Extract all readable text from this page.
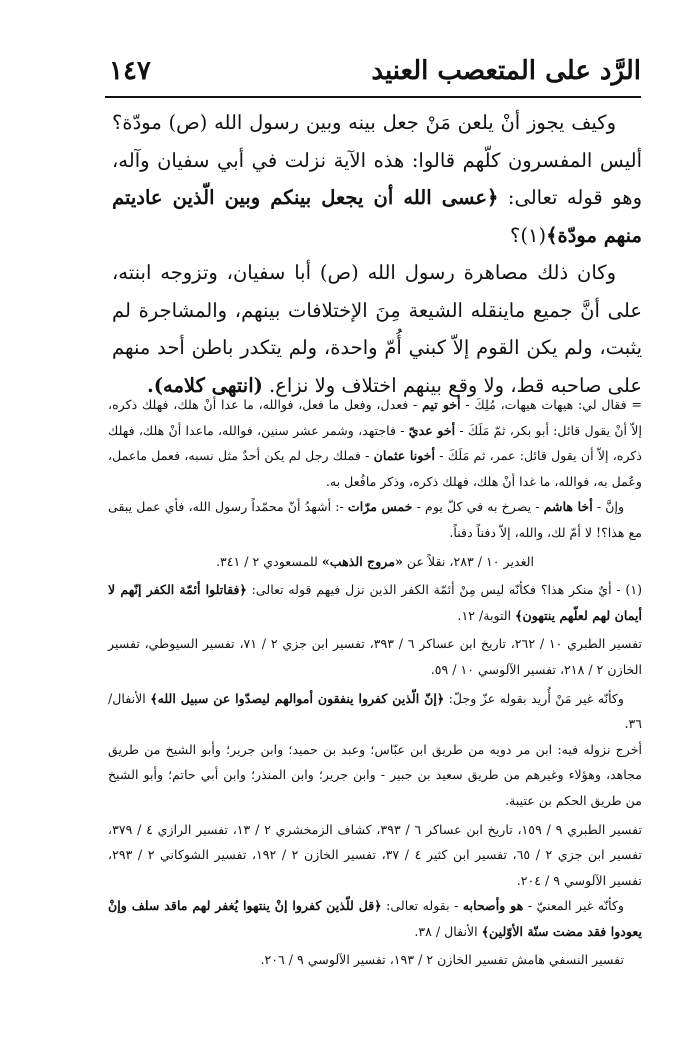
الرَّد على المتعصب العنيد
١٤٧

وكيف يجوز أنْ يلعن مَنْ جعل بينه وبين رسول الله (ص) مودّة؟ أليس المفسرون كلّهم قالوا: هذه الآية نزلت في أبي سفيان وآله، وهو قوله تعالى: ﴿عسى الله أن يجعل بينكم وبين الّذين عاديتم منهم مودّة﴾(١)؟

وكان ذلك مصاهرة رسول الله (ص) أبا سفيان، وتزوجه ابنته، على أنَّ جميع ماينقله الشيعة مِنَ الإختلافات بينهم، والمشاجرة لم يثبت، ولم يكن القوم إلاّ كبني أُمّ واحدة، ولم يتكدر باطن أحد منهم على صاحبه قط، ولا وقع بينهم اختلاف ولا نزاع. (انتهى كلامه).

= فقال لي: هيهات هيهات، مُلِكَ - أخو تيم - فعدل، وفعل ما فعل، فوالله، ما عدا أنْ هلك، فهلك ذكره، إلاّ أنْ يقول قائل: أبو بكر، ثمّ مَلَكَ - أخو عديّ - فاجتهد، وشمر عشر سنين، فوالله، ماعدا أنْ هلك، فهلك ذكره، إلاّ أن يقول قائل: عمر، ثم مَلَكَ - أخونا عثمان - فملك رجل لم يكن أحدٌ مثل نسبه، فعمل ماعمل، وعُمل به، فوالله، ما غدا أنْ هلك، فهلك ذكره، وذكر مافُعل به.

وإنَّ - أخا هاشم - يصرخ به في كلّ يوم - خمس مرّات -: أشهدُ أنّ محمّداً رسول الله، فأي عمل يبقى مع هذا؟! لا أمّ لك، والله، إلاّ دفناً دفناً.

الغدير ١٠ / ٢٨٣، نقلاً عن «مروج الذهب» للمسعودي ٢ / ٣٤١.

(١) - أيٌ منكر هذا؟ فكأنّه ليس مِنْ أئمّة الكفر الذين نزل فيهم قوله تعالى: ﴿فقاتلوا أئمّة الكفر إنّهم لا أيمان لهم لعلّهم ينتهون﴾ التوبة/ ١٢.

تفسير الطبري ١٠ / ٢٦٢، تاريخ ابن عساكر ٦ / ٣٩٣، تفسير ابن جزي ٢ / ٧١، تفسير السيوطي، تفسير الخازن ٢ / ٢١٨، تفسير الآلوسي ١٠ / ٥٩.

وكأنّه غير مَنْ أُريد بقوله عزّ وجلّ: ﴿إنّ الّذين كفروا ينفقون أموالهم ليصدّوا عن سبيل الله﴾ الأنفال/ ٣٦.

أخرج نزوله فيه: ابن مر دويه من طريق ابن عبّاس؛ وعبد بن حميد؛ وابن جرير؛ وأبو الشيخ من طريق مجاهد، وهؤلاء وغيرهم من طريق سعيد بن جبير - وابن جرير؛ وابن المنذر؛ وابن أبي حاتم؛ وأبو الشيخ من طريق الحكم بن عتيبة.

تفسير الطبري ٩ / ١٥٩، تاريخ ابن عساكر ٦ / ٣٩٣، كشاف الزمخشري ٢ / ١٣، تفسير الرازي ٤ / ٣٧٩، تفسير ابن جزي ٢ / ٦٥، تفسير ابن كثير ٤ / ٣٧، تفسير الخازن ٢ / ١٩٢، تفسير الشوكاني ٢ / ٢٩٣، تفسير الآلوسي ٩ / ٢٠٤.

وكأنّه غير المعنيّ - هو وأصحابه - بقوله تعالى: ﴿قل للّذين كفروا إنْ ينتهوا يُغفر لهم ماقد سلف وإنْ يعودوا فقد مضت سنّة الأوّلين﴾ الأنفال / ٣٨.

تفسير النسفي هامش تفسير الخازن ٢ / ١٩٣، تفسير الآلوسي ٩ / ٢٠٦.
